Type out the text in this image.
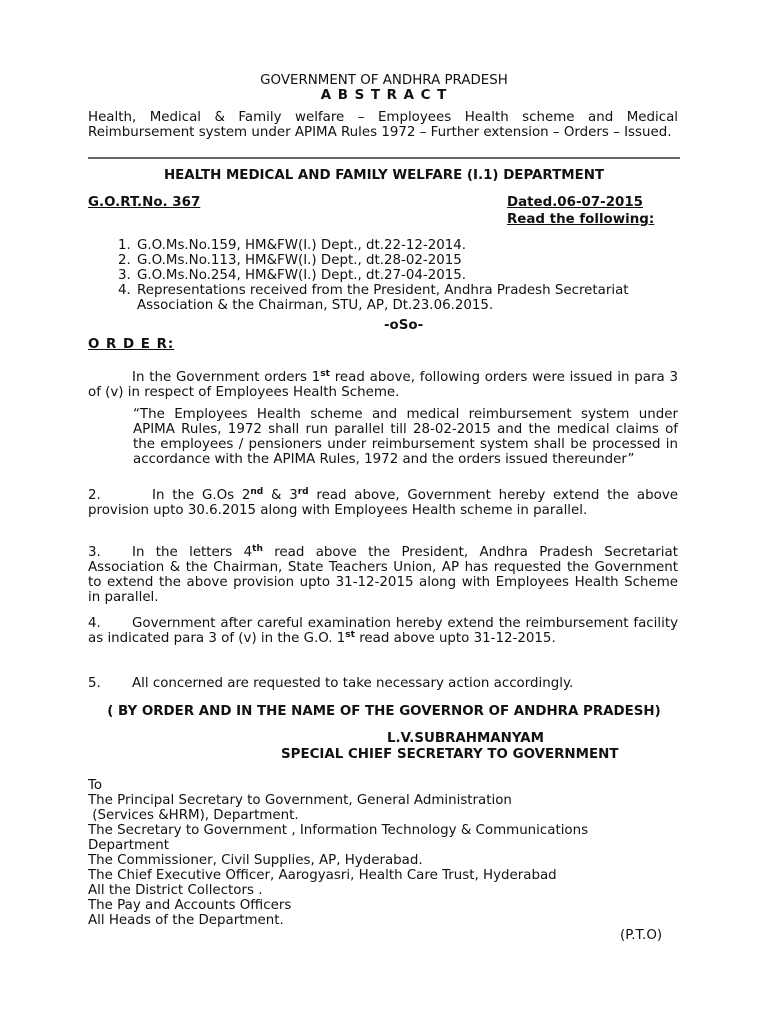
GOVERNMENT OF ANDHRA PRADESH
A B S T R A C T
Health, Medical & Family welfare – Employees Health scheme and Medical Reimbursement system under APIMA Rules 1972 – Further extension – Orders – Issued.
HEALTH MEDICAL AND FAMILY WELFARE (I.1) DEPARTMENT
G.O.RT.No. 367	Dated.06-07-2015
Read the following:
1. G.O.Ms.No.159, HM&FW(I.) Dept., dt.22-12-2014.
2. G.O.Ms.No.113, HM&FW(I.) Dept., dt.28-02-2015
3. G.O.Ms.No.254, HM&FW(I.) Dept., dt.27-04-2015.
4. Representations received from the President, Andhra Pradesh Secretariat Association & the Chairman, STU, AP, Dt.23.06.2015.
-oSo-
O R D E R:
In the Government orders 1st read above, following orders were issued in para 3 of (v) in respect of Employees Health Scheme.
“The Employees Health scheme and medical reimbursement system under APIMA Rules, 1972 shall run parallel till 28-02-2015 and the medical claims of the employees / pensioners under reimbursement system shall be processed in accordance with the APIMA Rules, 1972 and the orders issued thereunder”
2.	In the G.Os 2nd & 3rd read above, Government hereby extend the above provision upto 30.6.2015 along with Employees Health scheme in parallel.
3. In the letters 4th read above the President, Andhra Pradesh Secretariat Association & the Chairman, State Teachers Union, AP has requested the Government to extend the above provision upto 31-12-2015 along with Employees Health Scheme in parallel.
4. Government after careful examination hereby extend the reimbursement facility as indicated para 3 of (v) in the G.O. 1st read above upto 31-12-2015.
5. All concerned are requested to take necessary action accordingly.
( BY ORDER AND IN THE NAME OF THE GOVERNOR OF ANDHRA PRADESH)
L.V.SUBRAHMANYAM
SPECIAL CHIEF SECRETARY TO GOVERNMENT
To
The Principal Secretary to Government, General Administration
(Services &HRM), Department.
The Secretary to Government , Information Technology & Communications
Department
The Commissioner, Civil Supplies, AP, Hyderabad.
The Chief Executive Officer, Aarogyasri, Health Care Trust, Hyderabad
All the District Collectors .
The Pay and Accounts Officers
All Heads of the Department.
(P.T.O)
